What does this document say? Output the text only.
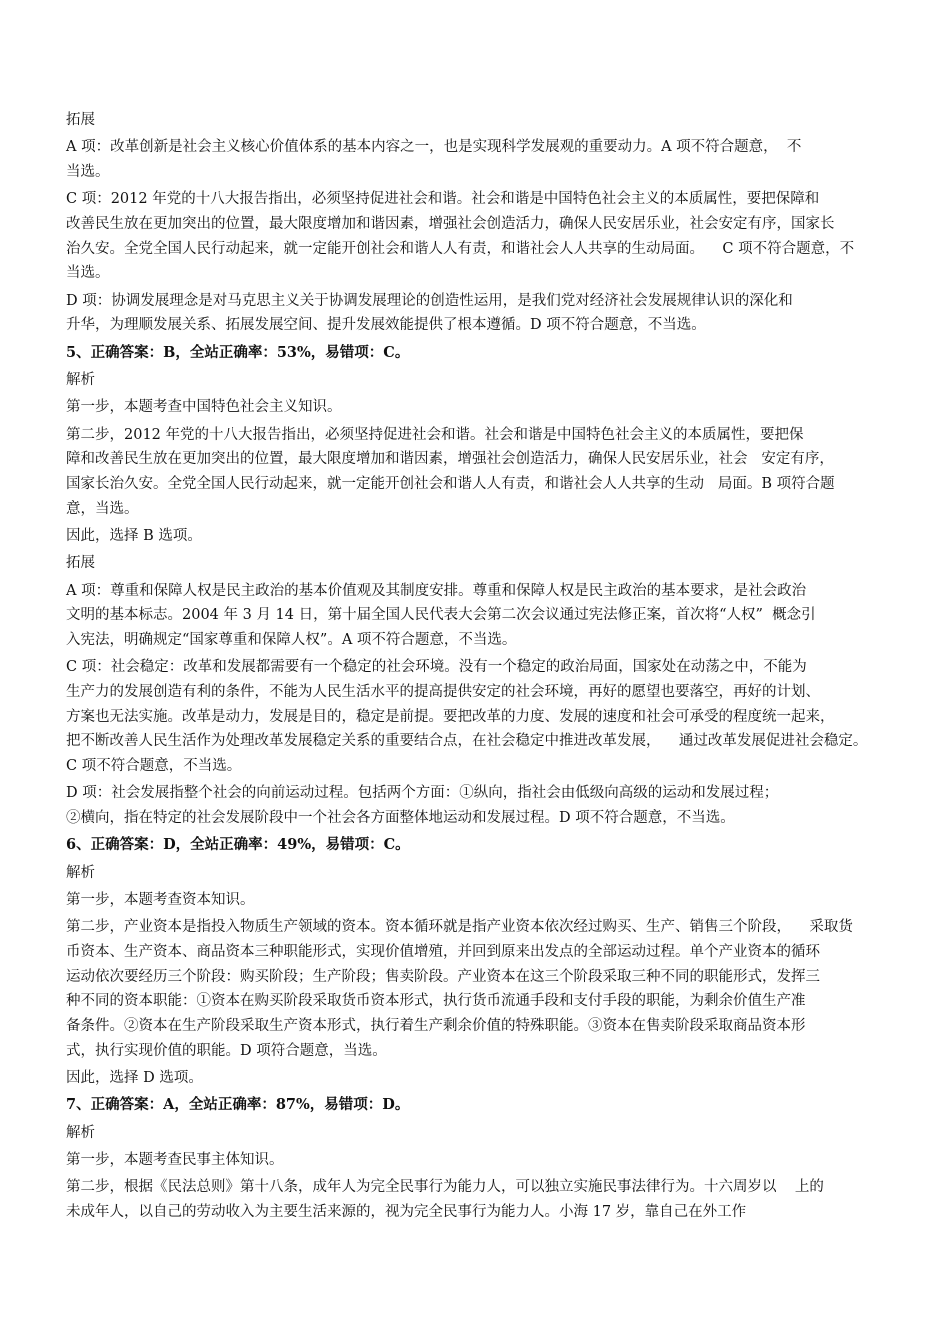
拓展
A 项：改革创新是社会主义核心价值体系的基本内容之一，也是实现科学发展观的重要动力。A 项不符合题意，  不
当选。
C 项：2012 年党的十八大报告指出，必须坚持促进社会和谐。社会和谐是中国特色社会主义的本质属性，要把保障和
改善民生放在更加突出的位置，最大限度增加和谐因素，增强社会创造活力，确保人民安居乐业，社会安定有序，国家长
治久安。全党全国人民行动起来，就一定能开创社会和谐人人有责，和谐社会人人共享的生动局面。    C 项不符合题意，不
当选。
D 项：协调发展理念是对马克思主义关于协调发展理论的创造性运用，是我们党对经济社会发展规律认识的深化和
升华，为理顺发展关系、拓展发展空间、提升发展效能提供了根本遵循。D 项不符合题意，不当选。
5、正确答案：B，全站正确率：53%，易错项：C。
解析
第一步，本题考查中国特色社会主义知识。
第二步，2012 年党的十八大报告指出，必须坚持促进社会和谐。社会和谐是中国特色社会主义的本质属性，要把保
障和改善民生放在更加突出的位置，最大限度增加和谐因素，增强社会创造活力，确保人民安居乐业，社会   安定有序，
国家长治久安。全党全国人民行动起来，就一定能开创社会和谐人人有责，和谐社会人人共享的生动   局面。B 项符合题
意，当选。
因此，选择 B 选项。
拓展
A 项：尊重和保障人权是民主政治的基本价值观及其制度安排。尊重和保障人权是民主政治的基本要求，是社会政治
文明的基本标志。2004 年 3 月 14 日，第十届全国人民代表大会第二次会议通过宪法修正案，首次将“人权”  概念引
入宪法，明确规定“国家尊重和保障人权”。A 项不符合题意，不当选。
C 项：社会稳定：改革和发展都需要有一个稳定的社会环境。没有一个稳定的政治局面，国家处在动荡之中，不能为
生产力的发展创造有利的条件，不能为人民生活水平的提高提供安定的社会环境，再好的愿望也要落空，再好的计划、
方案也无法实施。改革是动力，发展是目的，稳定是前提。要把改革的力度、发展的速度和社会可承受的程度统一起来，
把不断改善人民生活作为处理改革发展稳定关系的重要结合点，在社会稳定中推进改革发展，    通过改革发展促进社会稳定。
C 项不符合题意，不当选。
D 项：社会发展指整个社会的向前运动过程。包括两个方面：①纵向，指社会由低级向高级的运动和发展过程；
②横向，指在特定的社会发展阶段中一个社会各方面整体地运动和发展过程。D 项不符合题意，不当选。
6、正确答案：D，全站正确率：49%，易错项：C。
解析
第一步，本题考查资本知识。
第二步，产业资本是指投入物质生产领域的资本。资本循环就是指产业资本依次经过购买、生产、销售三个阶段，    采取货
币资本、生产资本、商品资本三种职能形式，实现价值增殖，并回到原来出发点的全部运动过程。单个产业资本的循环
运动依次要经历三个阶段：购买阶段；生产阶段；售卖阶段。产业资本在这三个阶段采取三种不同的职能形式，发挥三
种不同的资本职能：①资本在购买阶段采取货币资本形式，执行货币流通手段和支付手段的职能，为剩余价值生产准
备条件。②资本在生产阶段采取生产资本形式，执行着生产剩余价值的特殊职能。③资本在售卖阶段采取商品资本形
式，执行实现价值的职能。D 项符合题意，当选。
因此，选择 D 选项。
7、正确答案：A，全站正确率：87%，易错项：D。
解析
第一步，本题考查民事主体知识。
第二步，根据《民法总则》第十八条，成年人为完全民事行为能力人，可以独立实施民事法律行为。十六周岁以    上的
未成年人，以自己的劳动收入为主要生活来源的，视为完全民事行为能力人。小海 17 岁，靠自己在外工作
